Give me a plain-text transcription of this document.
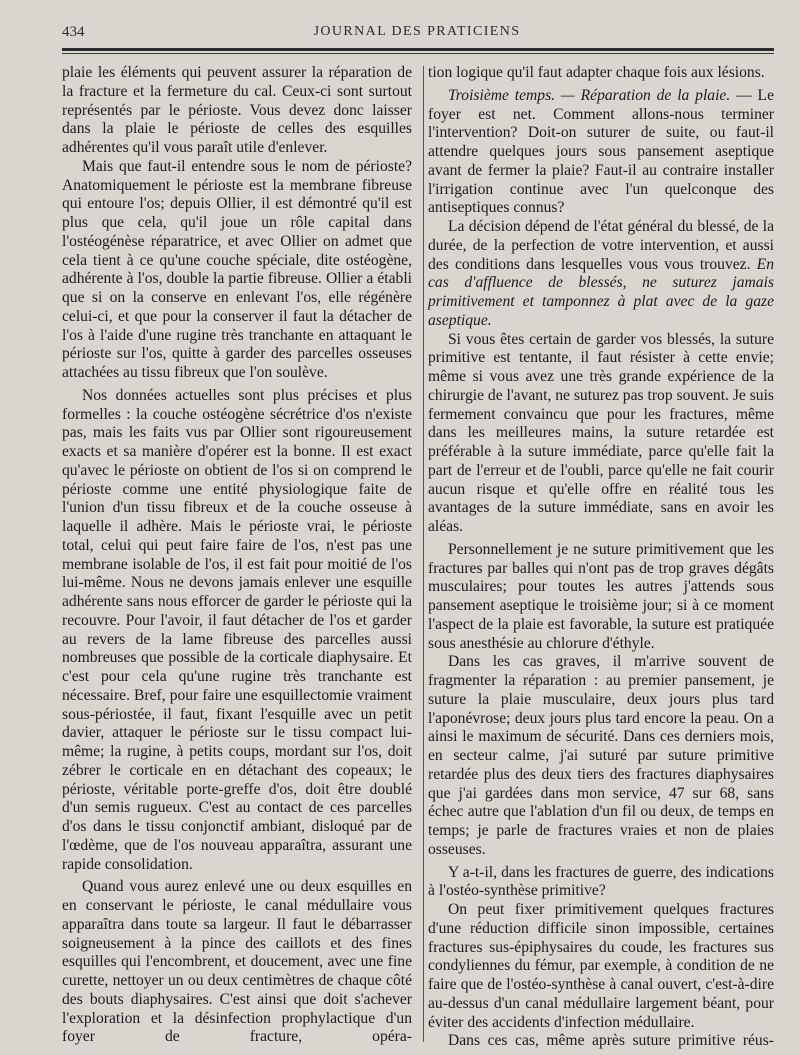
434	JOURNAL DES PRATICIENS

plaie les éléments qui peuvent assurer la réparation de la fracture et la fermeture du cal. Ceux-ci sont surtout représentés par le périoste. Vous devez donc laisser dans la plaie le périoste de celles des esquilles adhérentes qu'il vous paraît utile d'enlever.

Mais que faut-il entendre sous le nom de périoste? Anatomiquement le périoste est la membrane fibreuse qui entoure l'os; depuis Ollier, il est démontré qu'il est plus que cela, qu'il joue un rôle capital dans l'ostéogénèse réparatrice, et avec Ollier on admet que cela tient à ce qu'une couche spéciale, dite ostéogène, adhérente à l'os, double la partie fibreuse. Ollier a établi que si on la conserve en enlevant l'os, elle régénère celui-ci, et que pour la conserver il faut la détacher de l'os à l'aide d'une rugine très tranchante en attaquant le périoste sur l'os, quitte à garder des parcelles osseuses attachées au tissu fibreux que l'on soulève.

Nos données actuelles sont plus précises et plus formelles : la couche ostéogène sécrétrice d'os n'existe pas, mais les faits vus par Ollier sont rigoureusement exacts et sa manière d'opérer est la bonne. Il est exact qu'avec le périoste on obtient de l'os si on comprend le périoste comme une entité physiologique faite de l'union d'un tissu fibreux et de la couche osseuse à laquelle il adhère. Mais le périoste vrai, le périoste total, celui qui peut faire faire de l'os, n'est pas une membrane isolable de l'os, il est fait pour moitié de l'os lui-même. Nous ne devons jamais enlever une esquille adhérente sans nous efforcer de garder le périoste qui la recouvre. Pour l'avoir, il faut détacher de l'os et garder au revers de la lame fibreuse des parcelles aussi nombreuses que possible de la corticale diaphysaire. Et c'est pour cela qu'une rugine très tranchante est nécessaire. Bref, pour faire une esquillectomie vraiment sous-périostée, il faut, fixant l'esquille avec un petit davier, attaquer le périoste sur le tissu compact lui-même; la rugine, à petits coups, mordant sur l'os, doit zébrer le corticale en en détachant des copeaux; le périoste, véritable porte-greffe d'os, doit être doublé d'un semis rugueux. C'est au contact de ces parcelles d'os dans le tissu conjonctif ambiant, disloqué par de l'œdème, que de l'os nouveau apparaîtra, assurant une rapide consolidation.

Quand vous aurez enlevé une ou deux esquilles en en conservant le périoste, le canal médullaire vous apparaîtra dans toute sa largeur. Il faut le débarrasser soigneusement à la pince des caillots et des fines esquilles qui l'encombrent, et doucement, avec une fine curette, nettoyer un ou deux centimètres de chaque côté des bouts diaphysaires. C'est ainsi que doit s'achever l'exploration et la désinfection prophylactique d'un foyer de fracture, opéra-

tion logique qu'il faut adapter chaque fois aux lésions.

Troisième temps. — Réparation de la plaie. — Le foyer est net. Comment allons-nous terminer l'intervention? Doit-on suturer de suite, ou faut-il attendre quelques jours sous pansement aseptique avant de fermer la plaie? Faut-il au contraire installer l'irrigation continue avec l'un quelconque des antiseptiques connus?

La décision dépend de l'état général du blessé, de la durée, de la perfection de votre intervention, et aussi des conditions dans lesquelles vous vous trouvez. En cas d'affluence de blessés, ne suturez jamais primitivement et tamponnez à plat avec de la gaze aseptique.

Si vous êtes certain de garder vos blessés, la suture primitive est tentante, il faut résister à cette envie; même si vous avez une très grande expérience de la chirurgie de l'avant, ne suturez pas trop souvent. Je suis fermement convaincu que pour les fractures, même dans les meilleures mains, la suture retardée est préférable à la suture immédiate, parce qu'elle fait la part de l'erreur et de l'oubli, parce qu'elle ne fait courir aucun risque et qu'elle offre en réalité tous les avantages de la suture immédiate, sans en avoir les aléas.

Personnellement je ne suture primitivement que les fractures par balles qui n'ont pas de trop graves dégâts musculaires; pour toutes les autres j'attends sous pansement aseptique le troisième jour; si à ce moment l'aspect de la plaie est favorable, la suture est pratiquée sous anesthésie au chlorure d'éthyle.

Dans les cas graves, il m'arrive souvent de fragmenter la réparation : au premier pansement, je suture la plaie musculaire, deux jours plus tard l'aponévrose; deux jours plus tard encore la peau. On a ainsi le maximum de sécurité. Dans ces derniers mois, en secteur calme, j'ai suturé par suture primitive retardée plus des deux tiers des fractures diaphysaires que j'ai gardées dans mon service, 47 sur 68, sans échec autre que l'ablation d'un fil ou deux, de temps en temps; je parle de fractures vraies et non de plaies osseuses.

Y a-t-il, dans les fractures de guerre, des indications à l'ostéo-synthèse primitive?

On peut fixer primitivement quelques fractures d'une réduction difficile sinon impossible, certaines fractures sus-épiphysaires du coude, les fractures sus condyliennes du fémur, par exemple, à condition de ne faire que de l'ostéo-synthèse à canal ouvert, c'est-à-dire au-dessus d'un canal médullaire largement béant, pour éviter des accidents d'infection médullaire.

Dans ces cas, même après suture primitive réus-
